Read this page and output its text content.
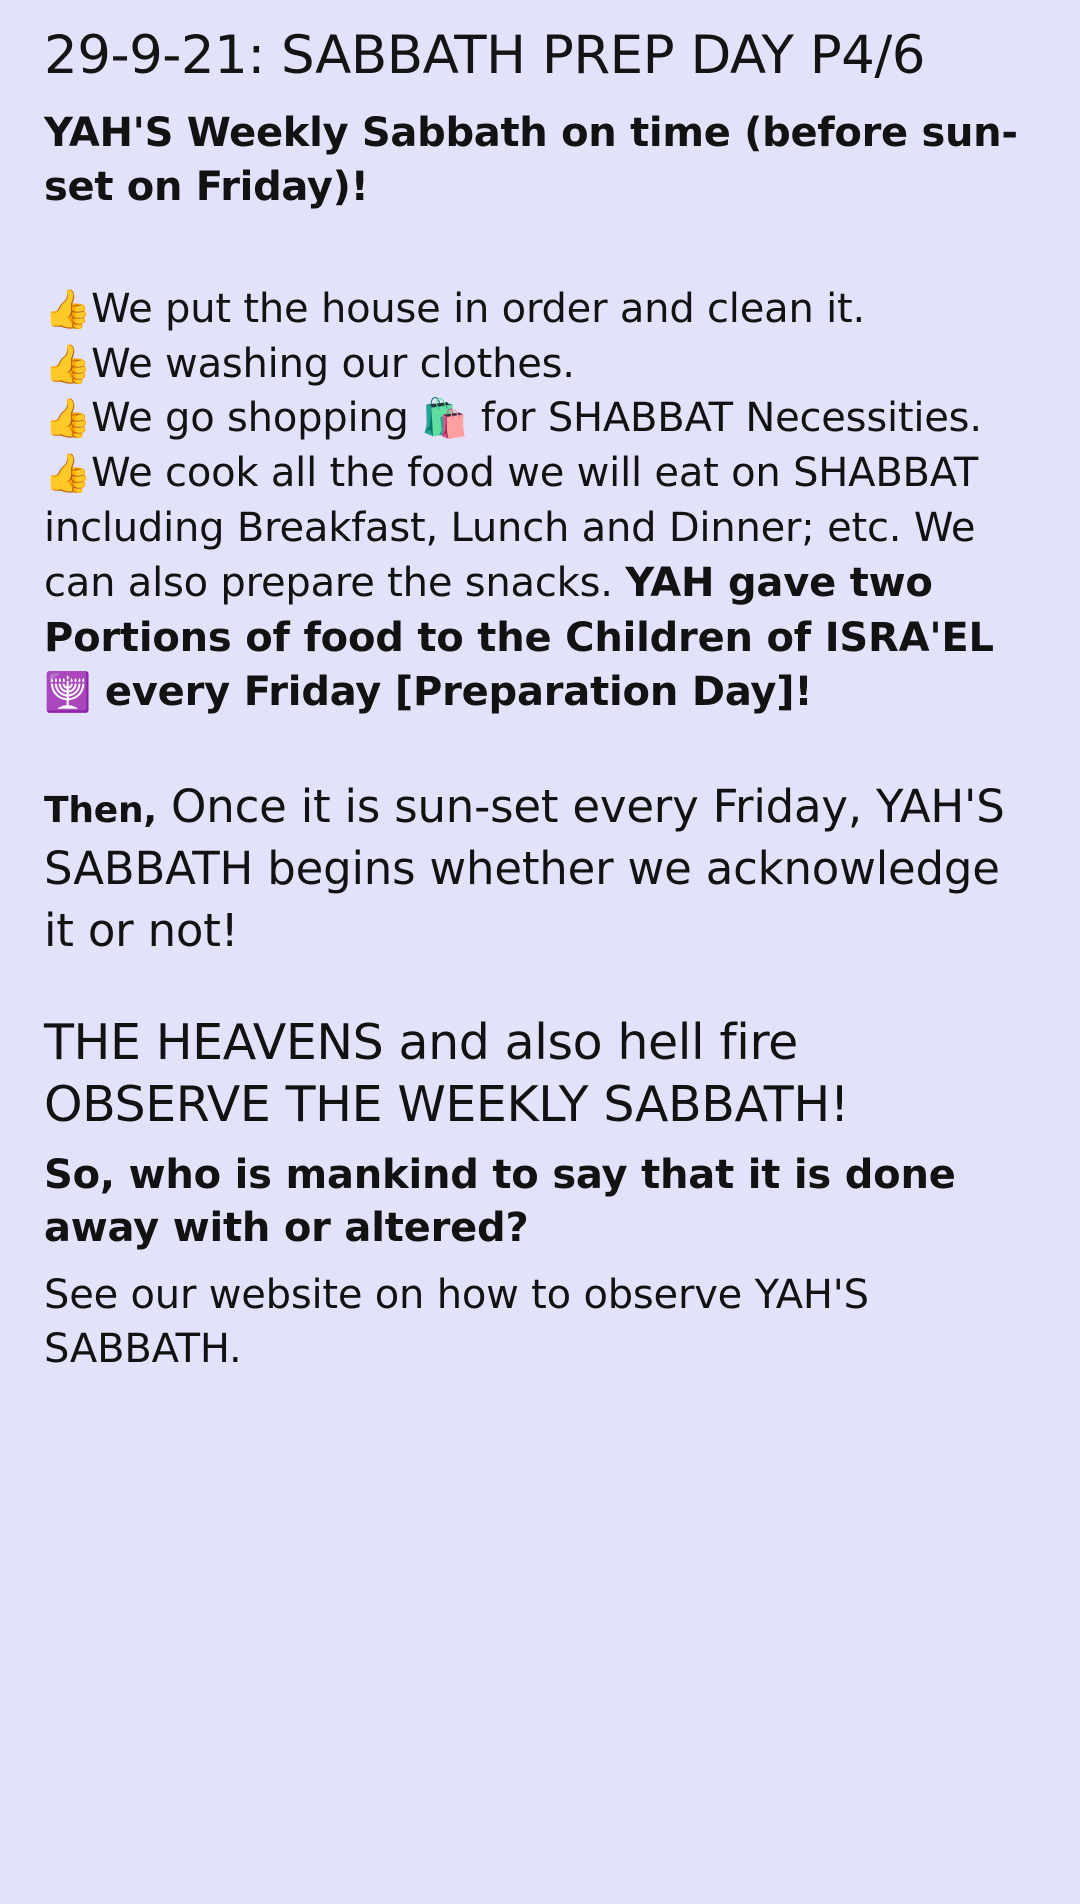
29-9-21: SABBATH PREP DAY P4/6

YAH'S Weekly Sabbath on time (before sun-set on Friday)!

👍We put the house in order and clean it.

👍We washing our clothes.

👍We go shopping 🛍️ for SHABBAT Necessities.

👍We cook all the food we will eat on SHABBAT including Breakfast, Lunch and Dinner; etc. We can also prepare the snacks. YAH gave two Portions of food to the Children of ISRA'EL 🕎 every Friday [Preparation Day]!

Then, Once it is sun-set every Friday, YAH'S SABBATH begins whether we acknowledge it or not!

THE HEAVENS and also hell fire OBSERVE THE WEEKLY SABBATH!

So, who is mankind to say that it is done away with or altered?

See our website on how to observe YAH'S SABBATH.
